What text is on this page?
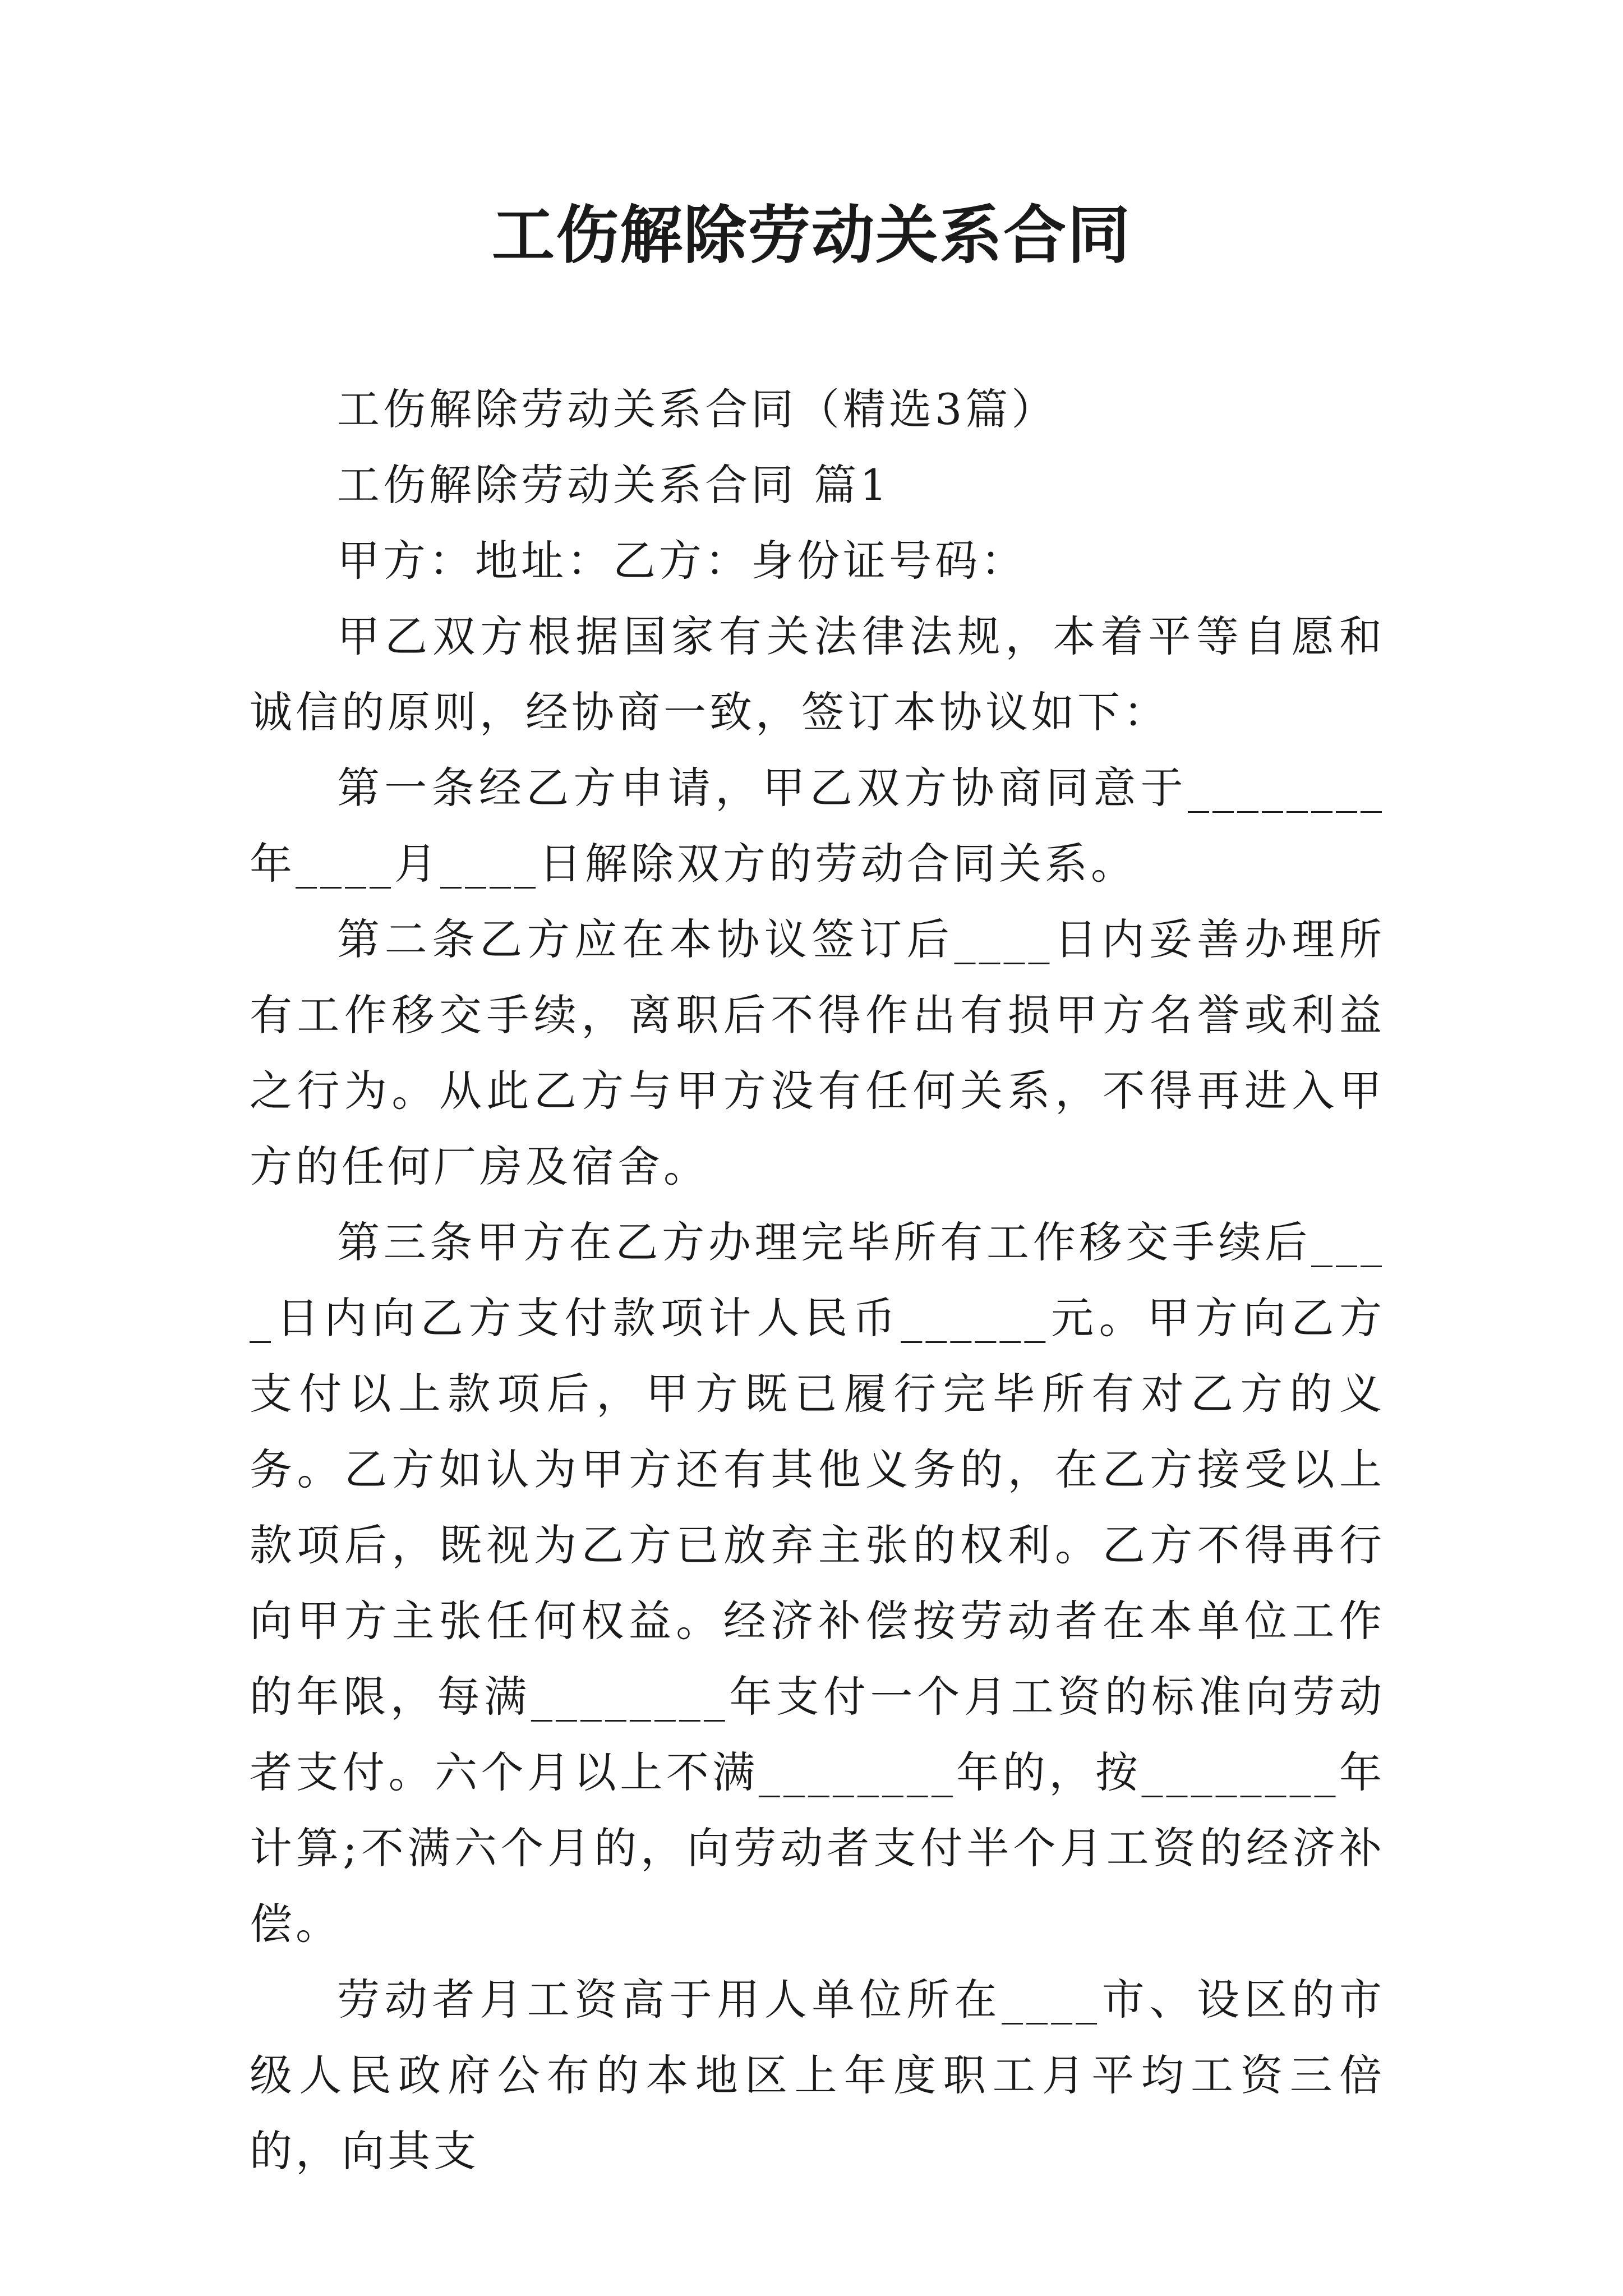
工伤解除劳动关系合同

工伤解除劳动关系合同（精选3篇）

工伤解除劳动关系合同 篇1

甲方：地址：乙方：身份证号码：

甲乙双方根据国家有关法律法规，本着平等自愿和诚信的原则，经协商一致，签订本协议如下：

第一条经乙方申请，甲乙双方协商同意于________年____月____日解除双方的劳动合同关系。

第二条乙方应在本协议签订后____日内妥善办理所有工作移交手续，离职后不得作出有损甲方名誉或利益之行为。从此乙方与甲方没有任何关系，不得再进入甲方的任何厂房及宿舍。

第三条甲方在乙方办理完毕所有工作移交手续后____日内向乙方支付款项计人民币______元。甲方向乙方支付以上款项后，甲方既已履行完毕所有对乙方的义务。乙方如认为甲方还有其他义务的，在乙方接受以上款项后，既视为乙方已放弃主张的权利。乙方不得再行向甲方主张任何权益。经济补偿按劳动者在本单位工作的年限，每满________年支付一个月工资的标准向劳动者支付。六个月以上不满________年的，按________年计算;不满六个月的，向劳动者支付半个月工资的经济补偿。

劳动者月工资高于用人单位所在____市、设区的市级人民政府公布的本地区上年度职工月平均工资三倍的，向其支
